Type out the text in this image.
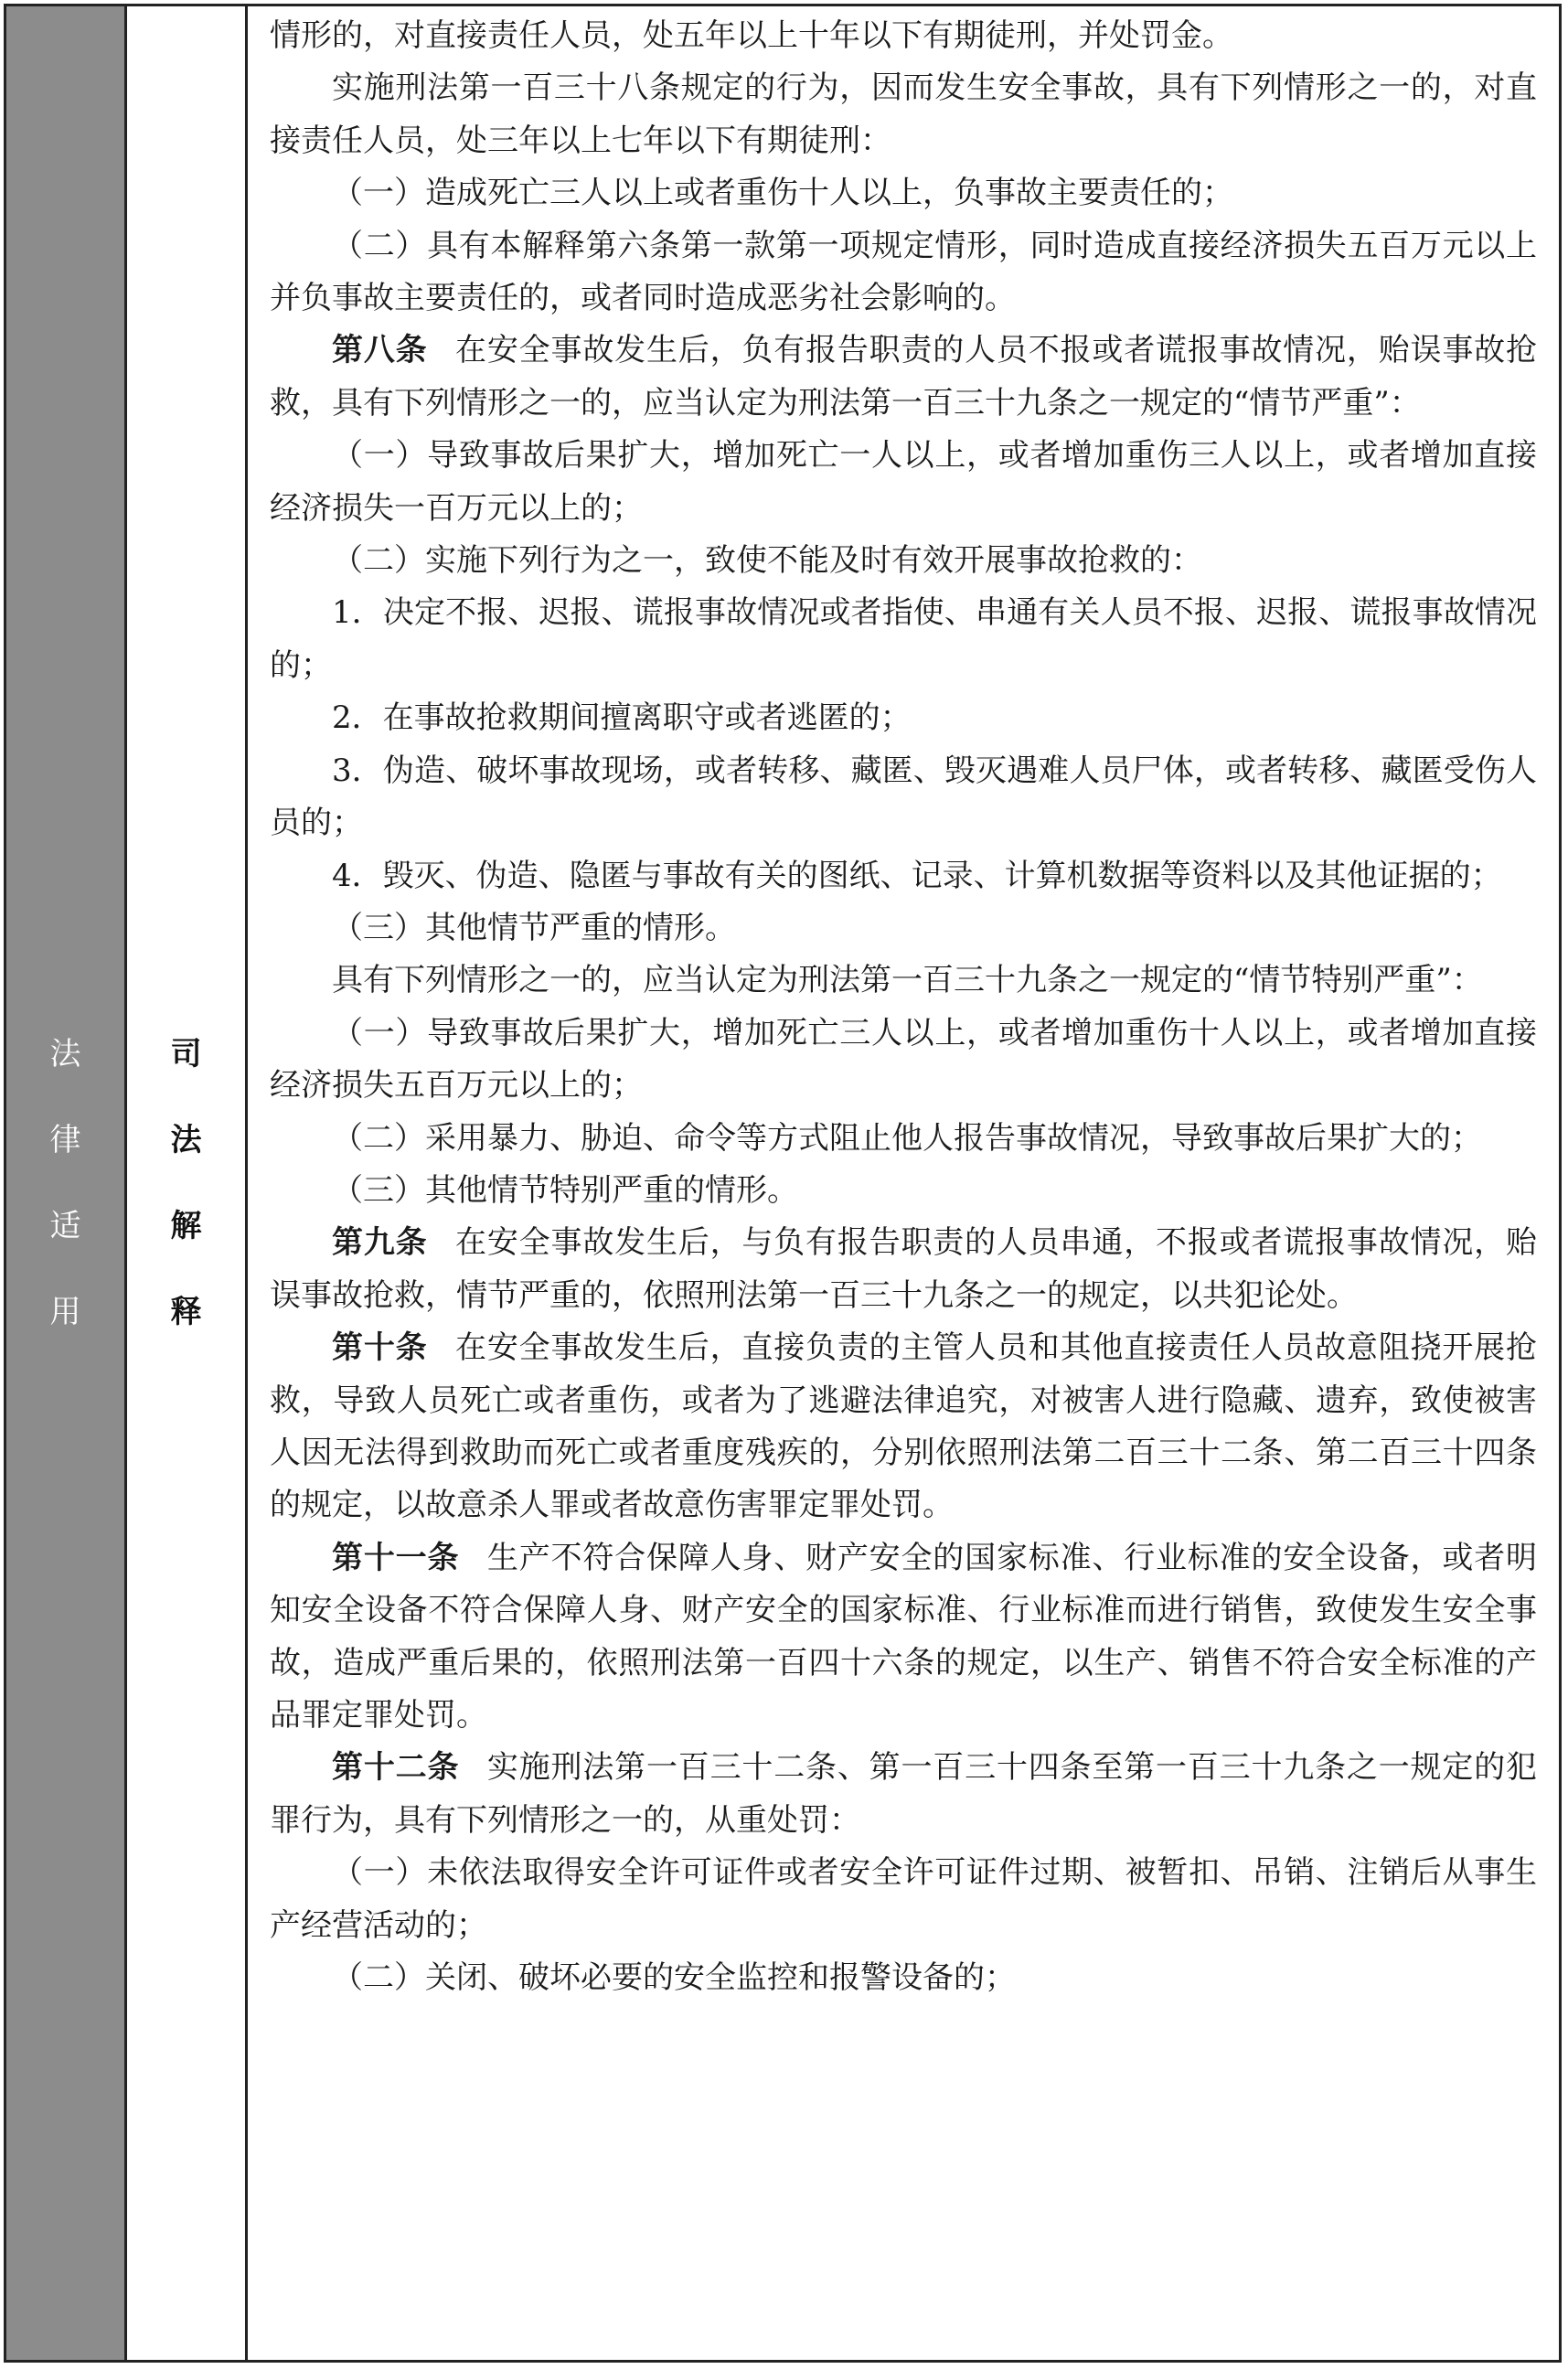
法
律
适
用
司
法
解
释

情形的，对直接责任人员，处五年以上十年以下有期徒刑，并处罚金。

实施刑法第一百三十八条规定的行为，因而发生安全事故，具有下列情形之一的，对直接责任人员，处三年以上七年以下有期徒刑：

（一）造成死亡三人以上或者重伤十人以上，负事故主要责任的；

（二）具有本解释第六条第一款第一项规定情形，同时造成直接经济损失五百万元以上并负事故主要责任的，或者同时造成恶劣社会影响的。

第八条 在安全事故发生后，负有报告职责的人员不报或者谎报事故情况，贻误事故抢救，具有下列情形之一的，应当认定为刑法第一百三十九条之一规定的“情节严重”：

（一）导致事故后果扩大，增加死亡一人以上，或者增加重伤三人以上，或者增加直接经济损失一百万元以上的；

（二）实施下列行为之一，致使不能及时有效开展事故抢救的：

1．决定不报、迟报、谎报事故情况或者指使、串通有关人员不报、迟报、谎报事故情况的；

2．在事故抢救期间擅离职守或者逃匿的；

3．伪造、破坏事故现场，或者转移、藏匿、毁灭遇难人员尸体，或者转移、藏匿受伤人员的；

4．毁灭、伪造、隐匿与事故有关的图纸、记录、计算机数据等资料以及其他证据的；

（三）其他情节严重的情形。

具有下列情形之一的，应当认定为刑法第一百三十九条之一规定的“情节特别严重”：

（一）导致事故后果扩大，增加死亡三人以上，或者增加重伤十人以上，或者增加直接经济损失五百万元以上的；

（二）采用暴力、胁迫、命令等方式阻止他人报告事故情况，导致事故后果扩大的；

（三）其他情节特别严重的情形。

第九条 在安全事故发生后，与负有报告职责的人员串通，不报或者谎报事故情况，贻误事故抢救，情节严重的，依照刑法第一百三十九条之一的规定，以共犯论处。

第十条 在安全事故发生后，直接负责的主管人员和其他直接责任人员故意阻挠开展抢救，导致人员死亡或者重伤，或者为了逃避法律追究，对被害人进行隐藏、遗弃，致使被害人因无法得到救助而死亡或者重度残疾的，分别依照刑法第二百三十二条、第二百三十四条的规定，以故意杀人罪或者故意伤害罪定罪处罚。

第十一条 生产不符合保障人身、财产安全的国家标准、行业标准的安全设备，或者明知安全设备不符合保障人身、财产安全的国家标准、行业标准而进行销售，致使发生安全事故，造成严重后果的，依照刑法第一百四十六条的规定，以生产、销售不符合安全标准的产品罪定罪处罚。

第十二条 实施刑法第一百三十二条、第一百三十四条至第一百三十九条之一规定的犯罪行为，具有下列情形之一的，从重处罚：

（一）未依法取得安全许可证件或者安全许可证件过期、被暂扣、吊销、注销后从事生产经营活动的；

（二）关闭、破坏必要的安全监控和报警设备的；
